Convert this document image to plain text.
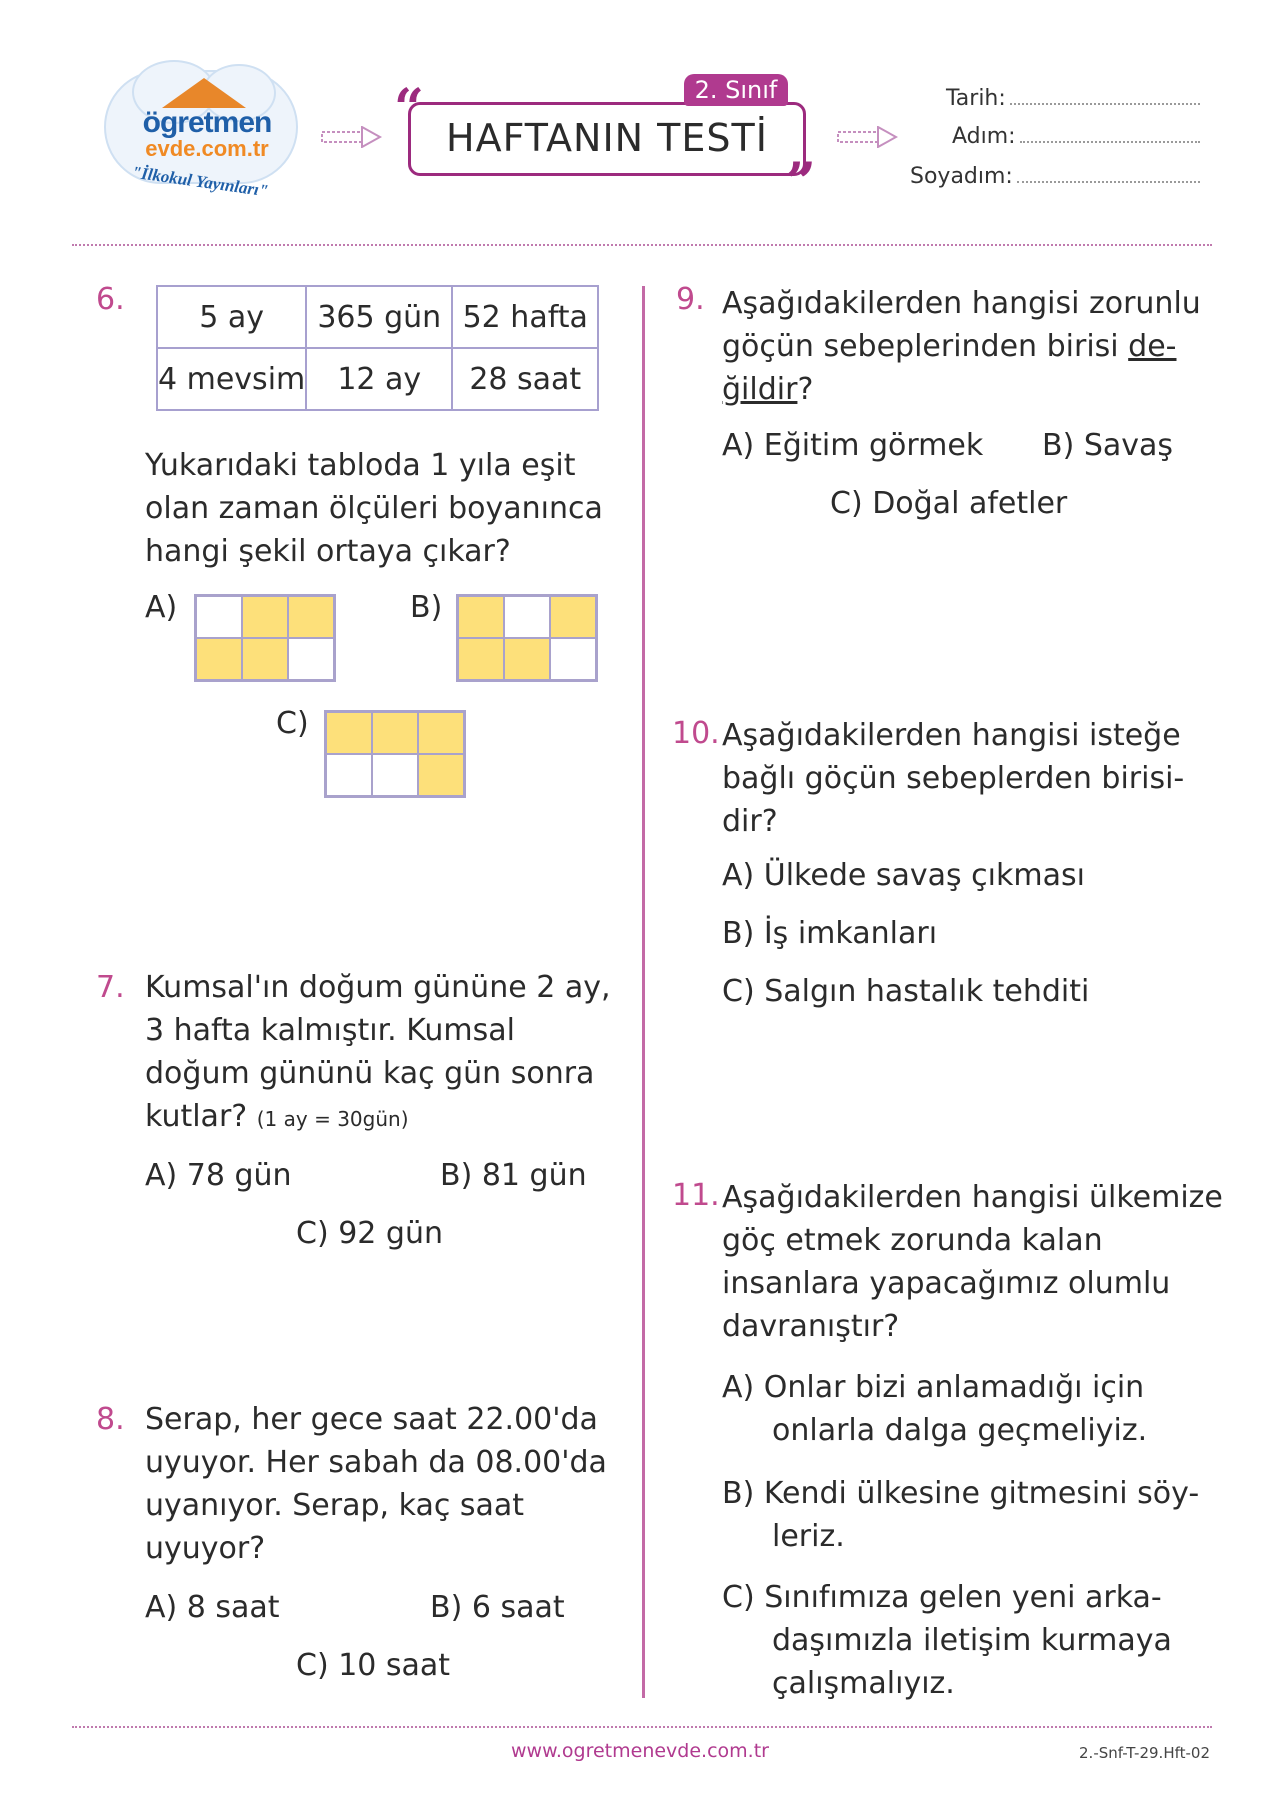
ögretmen
evde.com.tr
"İlkokul Yayınları"
“
”
2. Sınıf
HAFTANIN TESTİ
Tarih:
Adım:
Soyadım:
6. 5 ay	365 gün	52 hafta
4 mevsim	12 ay	28 saat
Yukarıdaki tabloda 1 yıla eşit
olan zaman ölçüleri boyanınca
hangi şekil ortaya çıkar?
A)	B)
C)
7. Kumsal'ın doğum gününe 2 ay,
3 hafta kalmıştır. Kumsal
doğum gününü kaç gün sonra
kutlar? (1 ay = 30gün)
A) 78 gün	B) 81 gün
C) 92 gün
8. Serap, her gece saat 22.00'da
uyuyor. Her sabah da 08.00'da
uyanıyor. Serap, kaç saat
uyuyor?
A) 8 saat	B) 6 saat
C) 10 saat
9. Aşağıdakilerden hangisi zorunlu
göçün sebeplerinden birisi de-
ğildir?
A) Eğitim görmek B) Savaş
C) Doğal afetler
10. Aşağıdakilerden hangisi isteğe
bağlı göçün sebeplerden birisi-
dir?
A) Ülkede savaş çıkması
B) İş imkanları
C) Salgın hastalık tehditi
11. Aşağıdakilerden hangisi ülkemize
göç etmek zorunda kalan
insanlara yapacağımız olumlu
davranıştır?
A) Onlar bizi anlamadığı için
onlarla dalga geçmeliyiz.
B) Kendi ülkesine gitmesini söy-
leriz.
C) Sınıfımıza gelen yeni arka-
daşımızla iletişim kurmaya
çalışmalıyız.
www.ogretmenevde.com.tr	2.-Snf-T-29.Hft-02
